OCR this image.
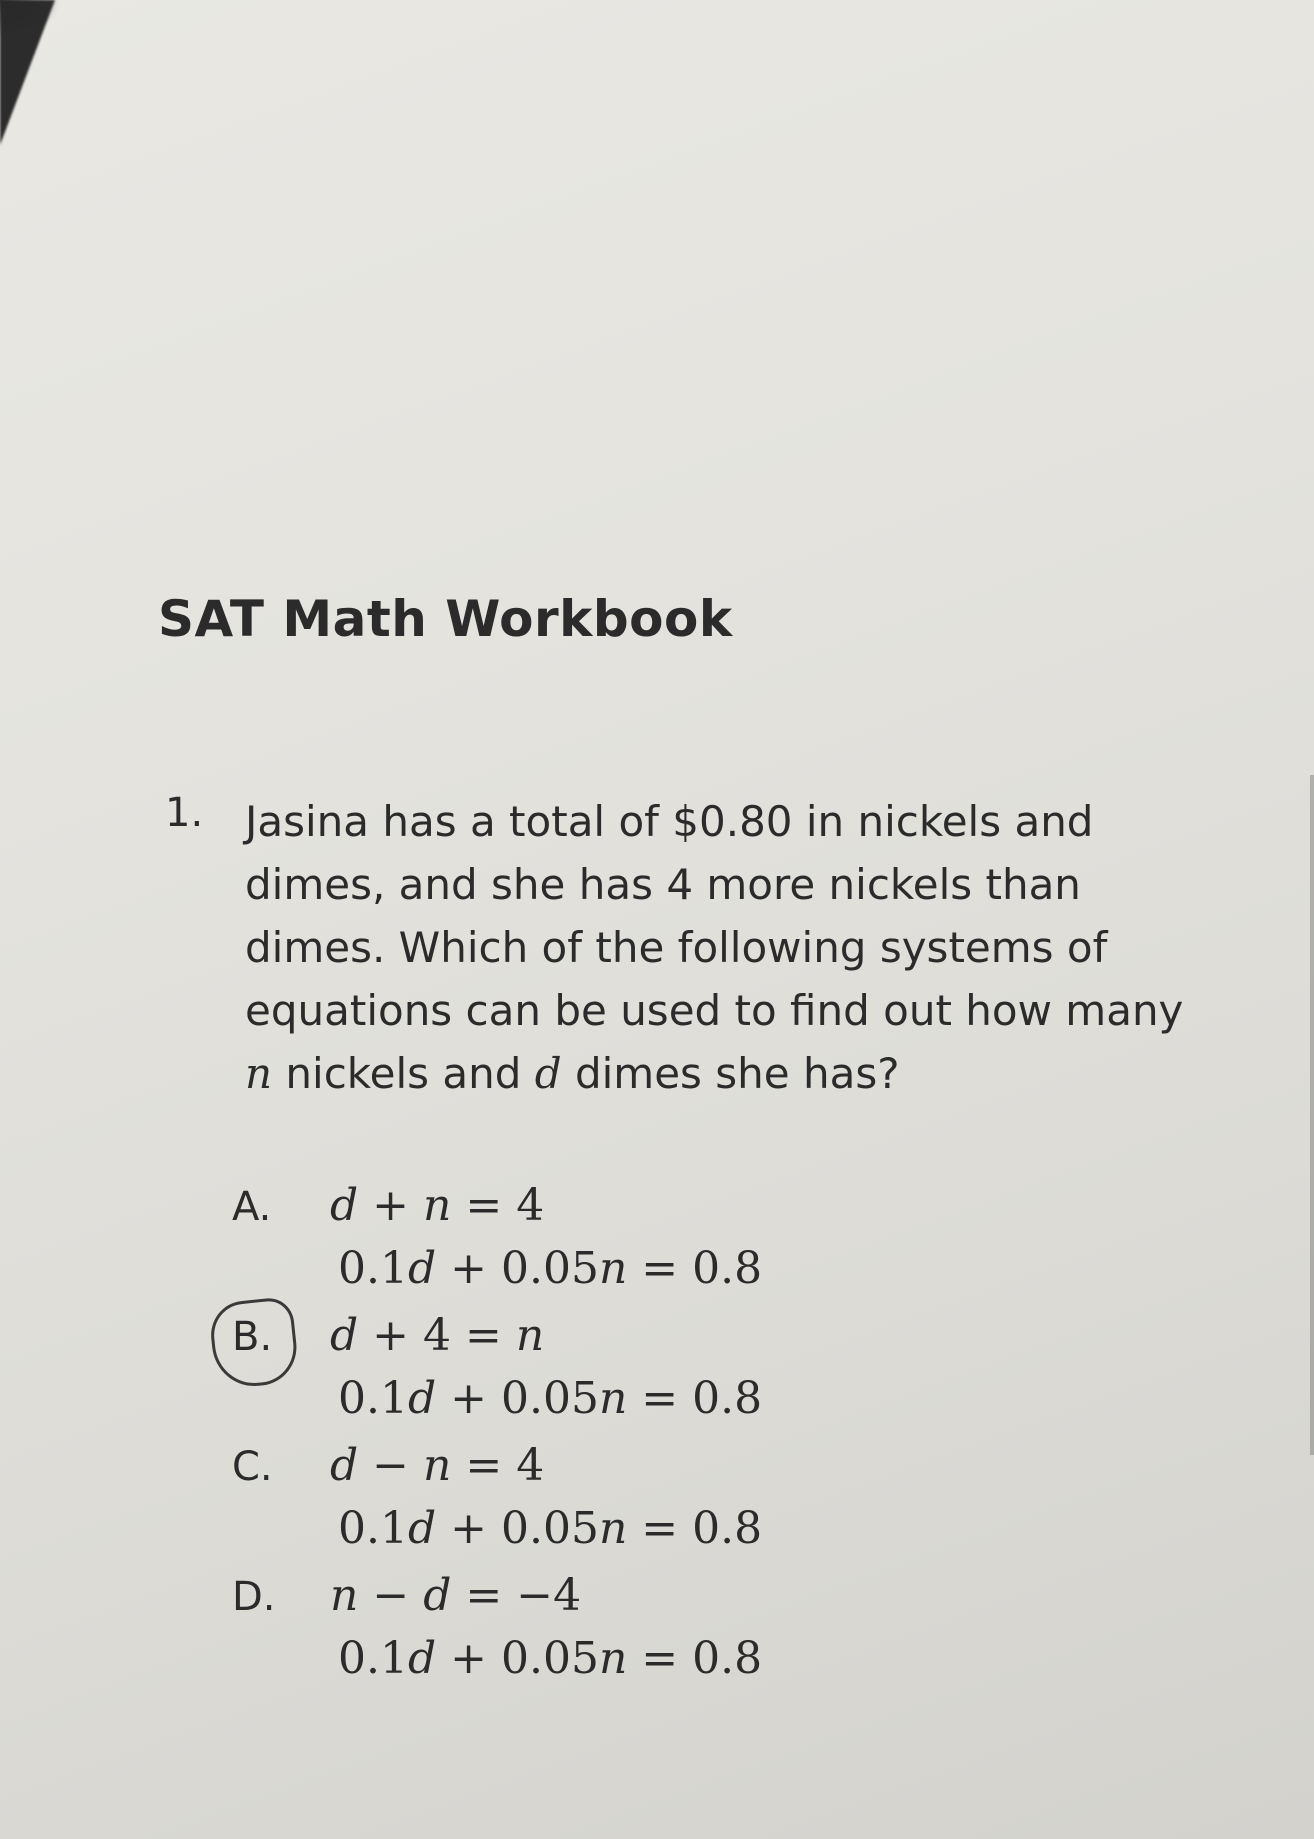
SAT Math Workbook
1. Jasina has a total of $0.80 in nickels and dimes, and she has 4 more nickels than dimes. Which of the following systems of equations can be used to find out how many n nickels and d dimes she has?
A. d + n = 4
0.1d + 0.05n = 0.8
B. d + 4 = n
0.1d + 0.05n = 0.8
C. d − n = 4
0.1d + 0.05n = 0.8
D. n − d = −4
0.1d + 0.05n = 0.8
